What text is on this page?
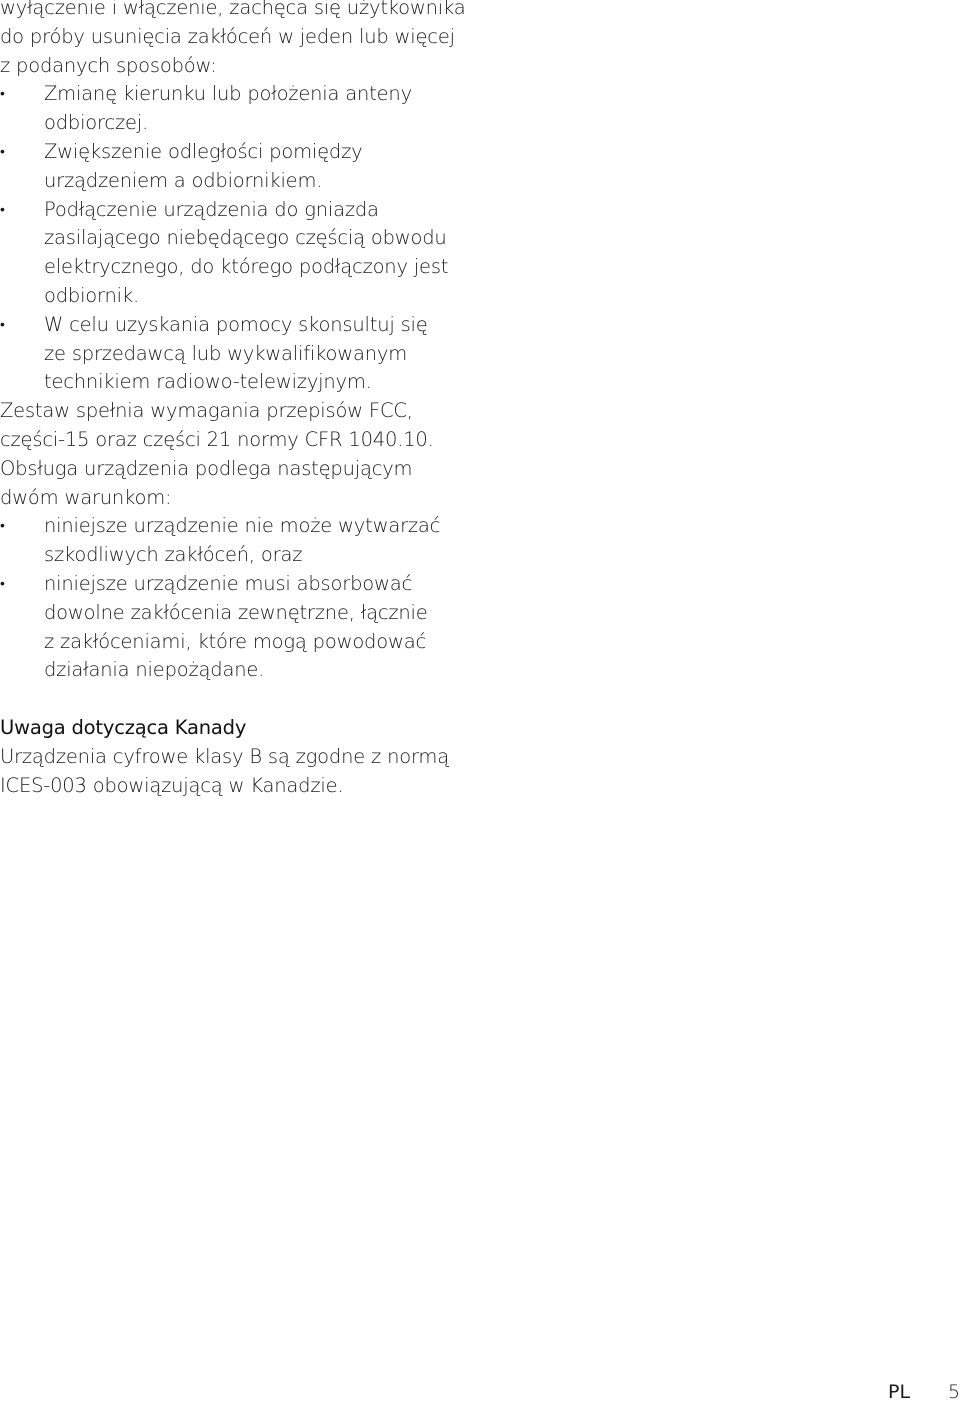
wyłączenie i włączenie, zachęca się użytkownika
do próby usunięcia zakłóceń w jeden lub więcej
z podanych sposobów:
•	Zmianę kierunku lub położenia anteny
odbiorczej.
•	Zwiększenie odległości pomiędzy
urządzeniem a odbiornikiem.
•	Podłączenie urządzenia do gniazda
zasilającego niebędącego częścią obwodu
elektrycznego, do którego podłączony jest
odbiornik.
•	W celu uzyskania pomocy skonsultuj się
ze sprzedawcą lub wykwalifikowanym
technikiem radiowo-telewizyjnym.
Zestaw spełnia wymagania przepisów FCC,
części-15 oraz części 21 normy CFR 1040.10.
Obsługa urządzenia podlega następującym
dwóm warunkom:
•	niniejsze urządzenie nie może wytwarzać
szkodliwych zakłóceń, oraz
•	niniejsze urządzenie musi absorbować
dowolne zakłócenia zewnętrzne, łącznie
z zakłóceniami, które mogą powodować
działania niepożądane.
Uwaga dotycząca Kanady
Urządzenia cyfrowe klasy B są zgodne z normą
ICES-003 obowiązującą w Kanadzie.
PL 5
